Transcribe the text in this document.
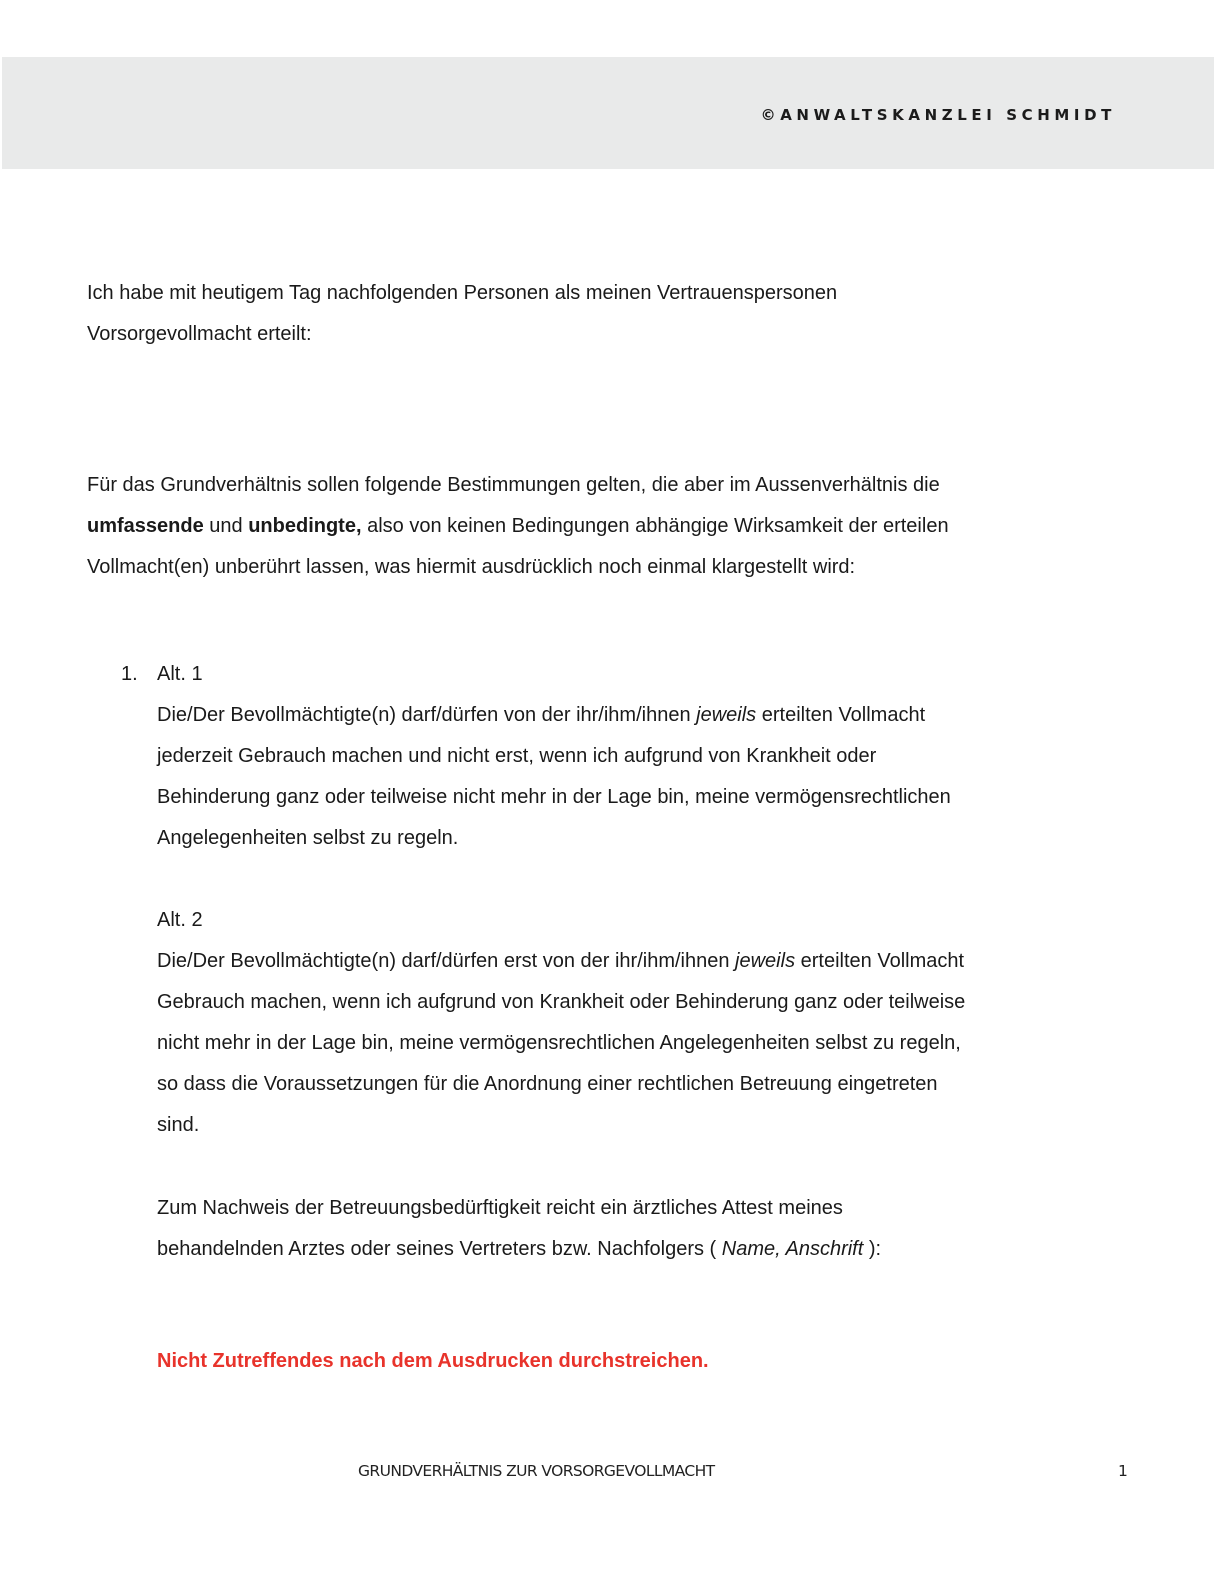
©ANWALTSKANZLEI SCHMIDT
Ich habe mit heutigem Tag nachfolgenden Personen als meinen Vertrauenspersonen
Vorsorgevollmacht erteilt:
Für das Grundverhältnis sollen folgende Bestimmungen gelten, die aber im Aussenverhältnis die
umfassende und unbedingte, also von keinen Bedingungen abhängige Wirksamkeit der erteilen
Vollmacht(en) unberührt lassen, was hiermit ausdrücklich noch einmal klargestellt wird:
1. Alt. 1
Die/Der Bevollmächtigte(n) darf/dürfen von der ihr/ihm/ihnen jeweils erteilten Vollmacht
jederzeit Gebrauch machen und nicht erst, wenn ich aufgrund von Krankheit oder
Behinderung ganz oder teilweise nicht mehr in der Lage bin, meine vermögensrechtlichen
Angelegenheiten selbst zu regeln.
Alt. 2
Die/Der Bevollmächtigte(n) darf/dürfen erst von der ihr/ihm/ihnen jeweils erteilten Vollmacht
Gebrauch machen, wenn ich aufgrund von Krankheit oder Behinderung ganz oder teilweise
nicht mehr in der Lage bin, meine vermögensrechtlichen Angelegenheiten selbst zu regeln,
so dass die Voraussetzungen für die Anordnung einer rechtlichen Betreuung eingetreten
sind.
Zum Nachweis der Betreuungsbedürftigkeit reicht ein ärztliches Attest meines
behandelnden Arztes oder seines Vertreters bzw. Nachfolgers ( Name, Anschrift ):
Nicht Zutreffendes nach dem Ausdrucken durchstreichen.
GRUNDVERHÄLTNIS ZUR VORSORGEVOLLMACHT	1
